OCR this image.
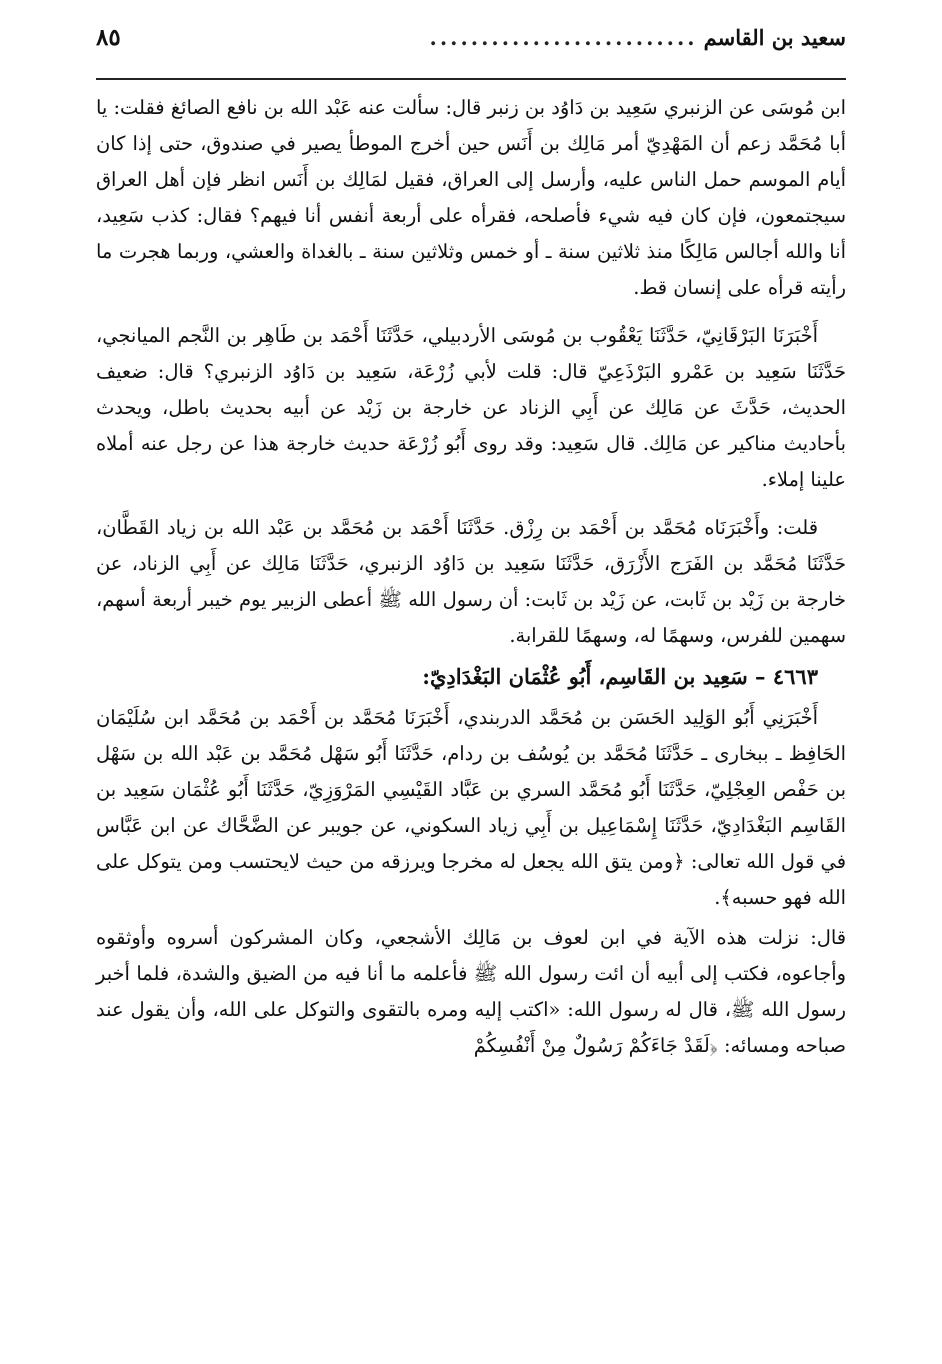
سعيد بن القاسم
..........................
٨٥

ابن مُوسَى عن الزنبري سَعِيد بن دَاوُد بن زنبر قال: سألت عنه عَبْد الله بن نافع الصائغ فقلت: يا أبا مُحَمَّد زعم أن المَهْدِيّ أمر مَالِك بن أَنَس حين أخرج الموطأ يصير في صندوق، حتى إذا كان أيام الموسم حمل الناس عليه، وأرسل إلى العراق، فقيل لمَالِك بن أَنَس انظر فإن أهل العراق سيجتمعون، فإن كان فيه شيء فأصلحه، فقرأه على أربعة أنفس أنا فيهم؟ فقال: كذب سَعِيد، أنا والله أجالس مَالِكًا منذ ثلاثين سنة ـ أو خمس وثلاثين سنة ـ بالغداة والعشي، وربما هجرت ما رأيته قرأه على إنسان قط.

أَخْبَرَنَا البَرْقَانِيّ، حَدَّثَنَا يَعْقُوب بن مُوسَى الأردبيلي، حَدَّثَنَا أَحْمَد بن طَاهِر بن النَّجم الميانجي، حَدَّثَنَا سَعِيد بن عَمْرو البَرْذَعِيّ قال: قلت لأبي زُرْعَة، سَعِيد بن دَاوُد الزنبري؟ قال: ضعيف الحديث، حَدَّثَ عن مَالِك عن أَبِي الزناد عن خارجة بن زَيْد عن أبيه بحديث باطل، ويحدث بأحاديث مناكير عن مَالِك. قال سَعِيد: وقد روى أَبُو زُرْعَة حديث خارجة هذا عن رجل عنه أملاه علينا إملاء.

قلت: وأَخْبَرَنَاه مُحَمَّد بن أَحْمَد بن رِزْق. حَدَّثَنَا أَحْمَد بن مُحَمَّد بن عَبْد الله بن زياد القَطَّان، حَدَّثَنَا مُحَمَّد بن الفَرَج الأَزْرَق، حَدَّثَنَا سَعِيد بن دَاوُد الزنبري، حَدَّثَنَا مَالِك عن أَبِي الزناد، عن خارجة بن زَيْد بن ثَابت، عن زَيْد بن ثَابت: أن رسول الله ﷺ أعطى الزبير يوم خيبر أربعة أسهم، سهمين للفرس، وسهمًا له، وسهمًا للقرابة.

٤٦٦٣ – سَعِيد بن القَاسِم، أَبُو عُثْمَان البَغْدَادِيّ:

أَخْبَرَنِي أَبُو الوَلِيد الحَسَن بن مُحَمَّد الدربندي، أَخْبَرَنَا مُحَمَّد بن أَحْمَد بن مُحَمَّد ابن سُلَيْمَان الحَافِظ ـ ببخارى ـ حَدَّثَنَا مُحَمَّد بن يُوسُف بن ردام، حَدَّثَنَا أَبُو سَهْل مُحَمَّد بن عَبْد الله بن سَهْل بن حَفْص العِجْلِيّ، حَدَّثَنَا أَبُو مُحَمَّد السري بن عَبَّاد القَيْسِي المَرْوَزِيّ، حَدَّثَنَا أَبُو عُثْمَان سَعِيد بن القَاسِم البَغْدَادِيّ، حَدَّثَنَا إِسْمَاعِيل بن أَبِي زياد السكوني، عن جويبر عن الضَّحَّاك عن ابن عَبَّاس في قول الله تعالى: ﴿ومن يتق الله يجعل له مخرجا ويرزقه من حيث لايحتسب ومن يتوكل على الله فهو حسبه﴾.

قال: نزلت هذه الآية في ابن لعوف بن مَالِك الأشجعي، وكان المشركون أسروه وأوثقوه وأجاعوه، فكتب إلى أبيه أن ائت رسول الله ﷺ فأعلمه ما أنا فيه من الضيق والشدة، فلما أخبر رسول الله ﷺ، قال له رسول الله: «اكتب إليه ومره بالتقوى والتوكل على الله، وأن يقول عند صباحه ومسائه: ﴿لَقَدْ جَاءَكُمْ رَسُولٌ مِنْ أَنْفُسِكُمْ
